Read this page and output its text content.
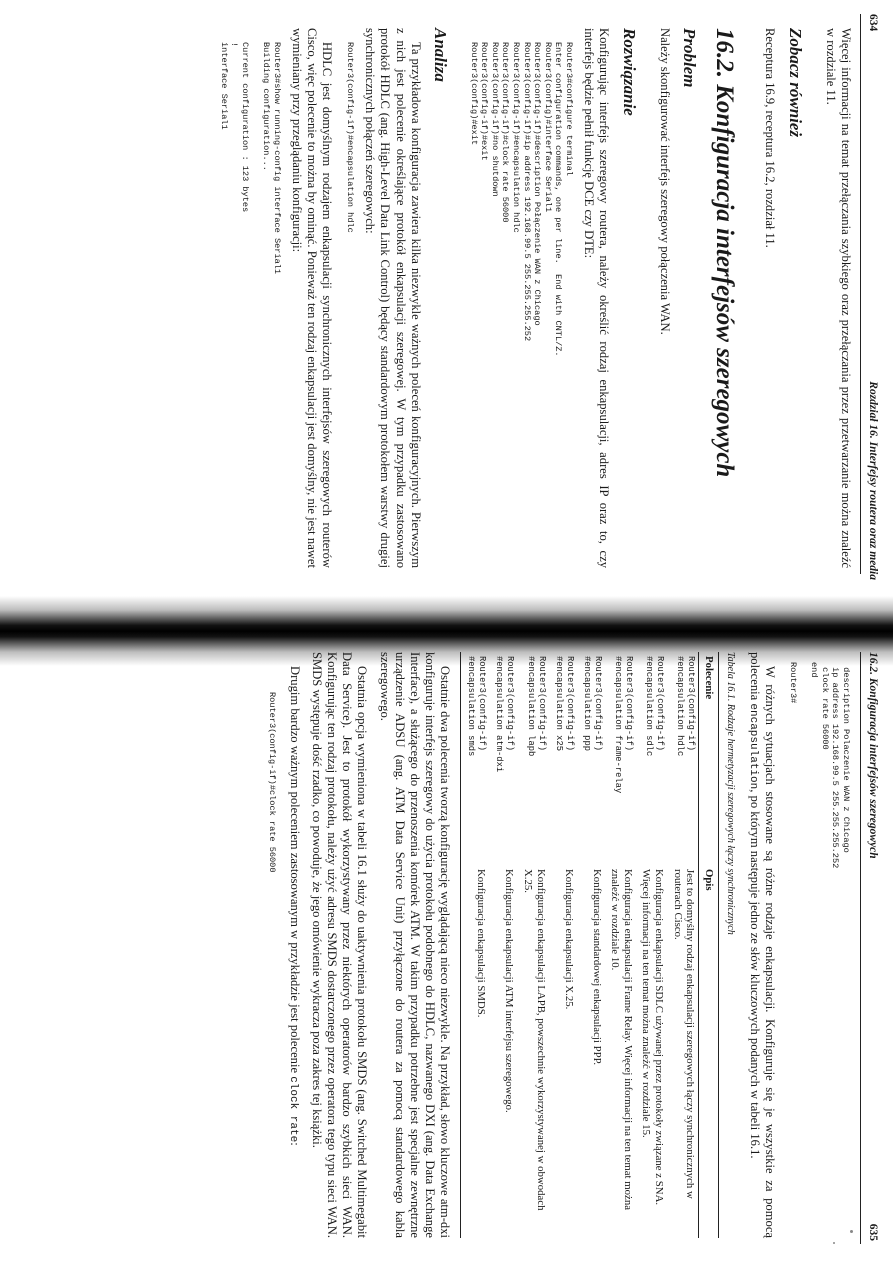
634
Rozdział 16. Interfejsy routera oraz media

Więcej informacji na temat przełączania szybkiego oraz przełączania przez przetwarzanie można znaleźć w rozdziale 11.

Zobacz również

Receptura 16.9, receptura 16.2, rozdział 11.

16.2. Konfiguracja interfejsów szeregowych
Problem

Należy skonfigurować interfejs szeregowy połączenia WAN.

Rozwiązanie

Konfigurując interfejs szeregowy routera, należy określić rodzaj enkapsulacji, adres IP oraz to, czy interfejs będzie pełnił funkcję DCE czy DTE:

Router3#configure terminal
Enter configuration commands, one per line.  End with CNTL/Z.
Router3(config)#interface Serial1
Router3(config-if)#description Połączenie WAN z Chicago
Router3(config-if)#ip address 192.168.99.5 255.255.255.252
Router3(config-if)#encapsulation hdlc
Router3(config-if)#clock rate 56000
Router3(config-if)#no shutdown
Router3(config-if)#exit
Router3(config)#exit
Analiza

Ta przykładowa konfiguracja zawiera kilka niezwykle ważnych poleceń konfiguracyjnych. Pierwszym z nich jest polecenie określające protokół enkapsulacji szeregowej. W tym przypadku zastosowano protokół HDLC (ang. High-Level Data Link Control) będący standardowym protokołem warstwy drugiej synchronicznych połączeń szeregowych:

Router3(config-if)#encapsulation hdlc

HDLC jest domyślnym rodzajem enkapsulacji synchronicznych interfejsów szeregowych routerów Cisco, więc polecenie to można by ominąć. Ponieważ ten rodzaj enkapsulacji jest domyślny, nie jest nawet wymieniany przy przeglądaniu konfiguracji:

Router3#show running-config interface Serial1
Building configuration...

Current configuration : 123 bytes
!
interface Serial1
16.2. Konfiguracja interfejsów szeregowych
635
description Polaczenie WAN z Chicago
ip address 192.168.99.5 255.255.255.252
clock rate 56000
end

Router3#

W różnych sytuacjach stosowane są różne rodzaje enkapsulacji. Konfiguruje się je wszystkie za pomocą polecenia encapsulation, po którym następuje jedno ze słów kluczowych podanych w tabeli 16.1.

Tabela 16.1. Rodzaje hermetyzacji szeregowych łączy synchronicznych
Polecenie	Opis
Router3(config-if)
#encapsulation hdlc	Jest to domyślny rodzaj enkapsulacji szeregowych łączy synchronicznych w routerach Cisco.
Router3(config-if)
#encapsulation sdlc	Konfiguracja enkapsulacji SDLC używanej przez protokoły związane z SNA. Więcej informacji na ten temat można znaleźć w rozdziale 15.
Router3(config-if)
#encapsulation frame-relay	Konfiguracja enkapsulacji Frame Relay. Więcej informacji na ten temat można znaleźć w rozdziale 10.
Router3(config-if)
#encapsulation ppp	Konfiguracja standardowej enkapsulacji PPP.
Router3(config-if)
#encapsulation x25	Konfiguracja enkapsulacji X.25.
Router3(config-if)
#encapsulation lapb	Konfiguracja enkapsulacji LAPB, powszechnie wykorzystywanej w obwodach X.25.
Router3(config-if)
#encapsulation atm-dxi	Konfiguracja enkapsulacji ATM interfejsu szeregowego.
Router3(config-if)
#encapsulation smds	Konfiguracja enkapsulacji SMDS.

Ostatnie dwa polecenia tworzą konfigurację wyglądającą nieco niezwykle. Na przykład, słowo kluczowe atm-dxi konfiguruje interfejs szeregowy do użycia protokołu podobnego do HDLC, nazwanego DXI (ang. Data Exchange Interface), a służącego do przenoszenia komórek ATM. W takim przypadku potrzebne jest specjalne zewnętrzne urządzenie ADSU (ang. ATM Data Service Unit) przyłączone do routera za pomocą standardowego kabla szeregowego.

Ostatnia opcja wymieniona w tabeli 16.1 służy do uaktywnienia protokołu SMDS (ang. Switched Multimegabit Data Service). Jest to protokół wykorzystywany przez niektórych operatorów bardzo szybkich sieci WAN. Konfigurując ten rodzaj protokołu, należy użyć adresu SMDS dostarczonego przez operatora tego typu sieci WAN. SMDS występuje dość rzadko, co powoduje, że jego omówienie wykracza poza zakres tej książki.

Drugim bardzo ważnym poleceniem zastosowanym w przykładzie jest polecenie clock rate:

Router3(config-if)#clock rate 56000
